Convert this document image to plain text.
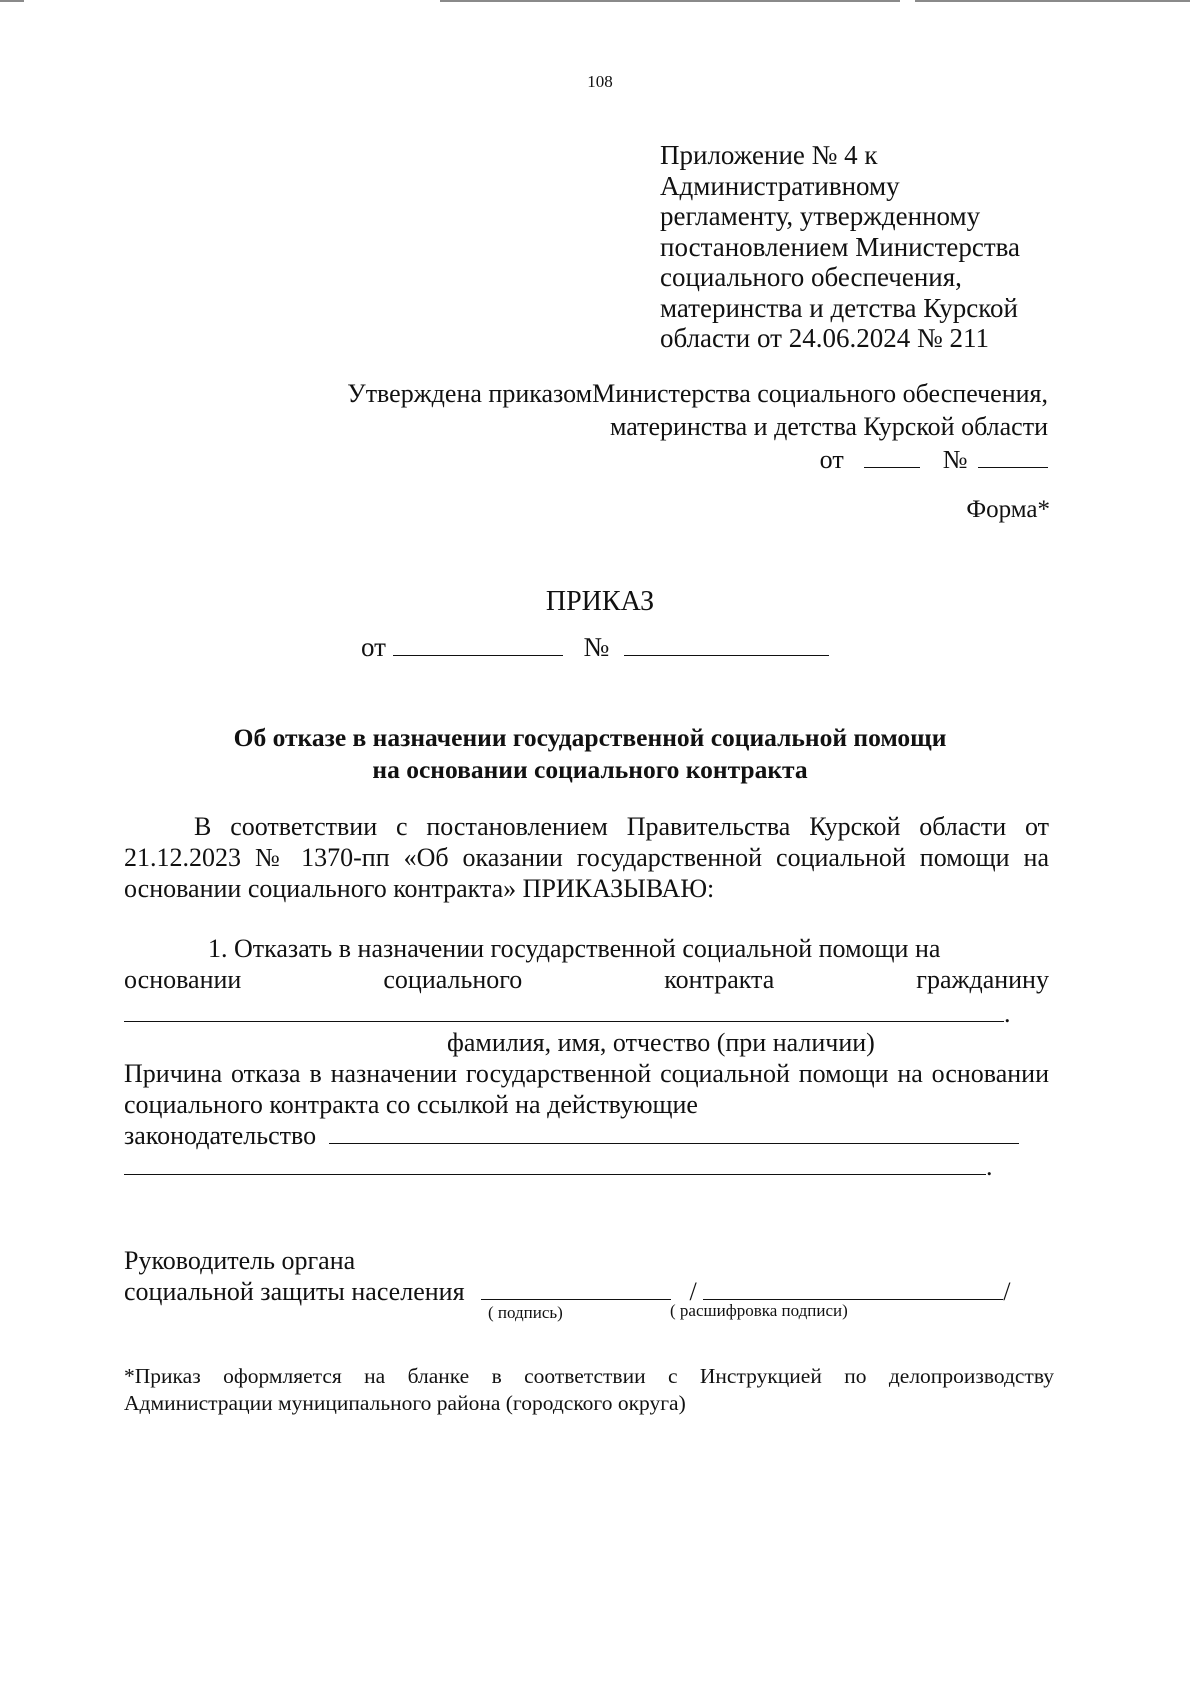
108
Приложение № 4 к
Административному
регламенту, утвержденному
постановлением Министерства
социального обеспечения,
материнства и детства Курской
области от 24.06.2024 № 211
Утверждена приказомМинистерства социального обеспечения,
материнства и детства Курской области
от	№
Форма*
ПРИКАЗ
от	№
Об отказе в назначении государственной социальной помощи
на основании социального контракта
В соответствии с постановлением Правительства Курской области от 21.12.2023 № 1370-пп «Об оказании государственной социальной помощи на основании социального контракта» ПРИКАЗЫВАЮ:
1. Отказать в назначении государственной социальной помощи на
основании	социального	контракта	гражданину
.
фамилия, имя, отчество (при наличии)
Причина отказа в назначении государственной социальной помощи на основании социального контракта со ссылкой на действующие
законодательство
.
Руководитель органа
социальной защиты населения	/	/
( подпись)	( расшифровка подписи)
*Приказ оформляется на бланке в соответствии с Инструкцией по делопроизводству Администрации муниципального района (городского округа)
